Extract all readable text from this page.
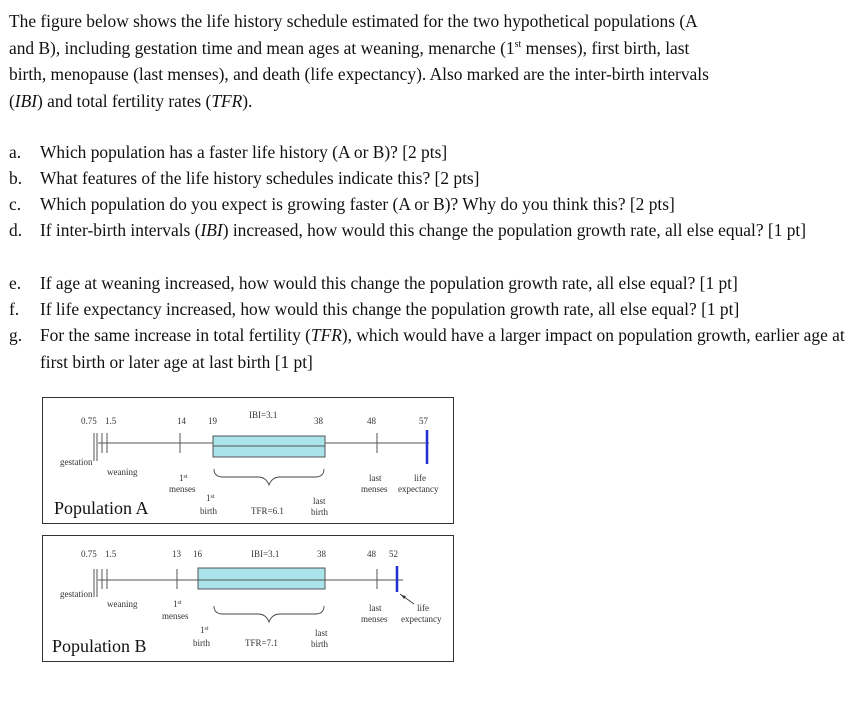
The figure below shows the life history schedule estimated for the two hypothetical populations (A
and B), including gestation time and mean ages at weaning, menarche (1st menses), first birth, last
birth, menopause (last menses), and death (life expectancy). Also marked are the inter-birth intervals
(IBI) and total fertility rates (TFR).
a.	Which population has a faster life history (A or B)? [2 pts]
b.	What features of the life history schedules indicate this? [2 pts]
c.	Which population do you expect is growing faster (A or B)? Why do you think this? [2 pts]
d.	If inter-birth intervals (IBI) increased, how would this change the population growth rate, all else equal? [1 pt]
e.	If age at weaning increased, how would this change the population growth rate, all else equal? [1 pt]
f.	If life expectancy increased, how would this change the population growth rate, all else equal? [1 pt]
g.	For the same increase in total fertility (TFR), which would have a larger impact on population growth, earlier age at first birth or later age at last birth [1 pt]
0.75 1.5	14 19
IBI=3.1
38	48	57
gestation
weaning
1st
menses
1st
birth	TFR=6.1
last
birth
last
menses
life
expectancy
Population A
0.75 1.5	13 16	IBI=3.1	38	48 52
gestation
weaning	1st
menses
1st
birth	TFR=7.1
last
birth
last
menses
life
expectancy
Population B
